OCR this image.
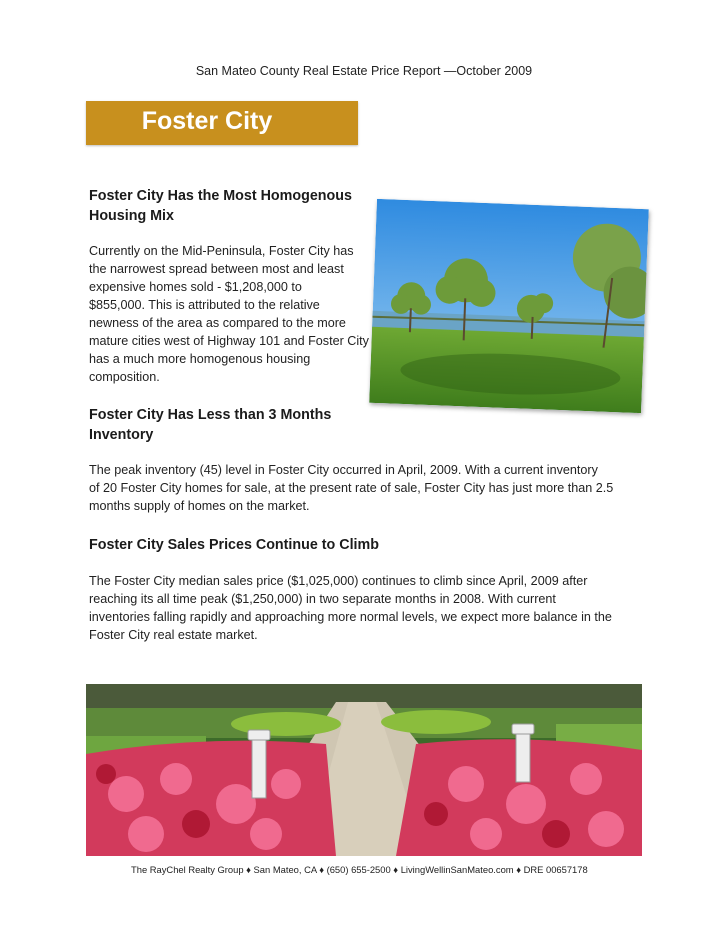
San Mateo County Real Estate Price Report —October 2009
Foster City
Foster City Has the Most Homogenous
Housing Mix
Currently on the Mid-Peninsula, Foster City has
the narrowest spread between most and least
expensive homes sold - $1,208,000 to
$855,000. This is attributed to the relative
newness of the area as compared to the more
mature cities west of Highway 101 and Foster City
has a much more homogenous housing
composition.
Foster City Has Less than 3 Months
Inventory
The peak inventory (45) level in Foster City occurred in April, 2009. With a current inventory
of 20 Foster City homes for sale, at the present rate of sale, Foster City has just more than 2.5
months supply of homes on the market.
Foster City Sales Prices Continue to Climb
The Foster City median sales price ($1,025,000) continues to climb since April, 2009 after
reaching its all time peak ($1,250,000) in two separate months in 2008. With current
inventories falling rapidly and approaching more normal levels, we expect more balance in the
Foster City real estate market.
The RayChel Realty Group ♦ San Mateo, CA ♦ (650) 655-2500 ♦ LivingWellinSanMateo.com ♦ DRE 00657178
